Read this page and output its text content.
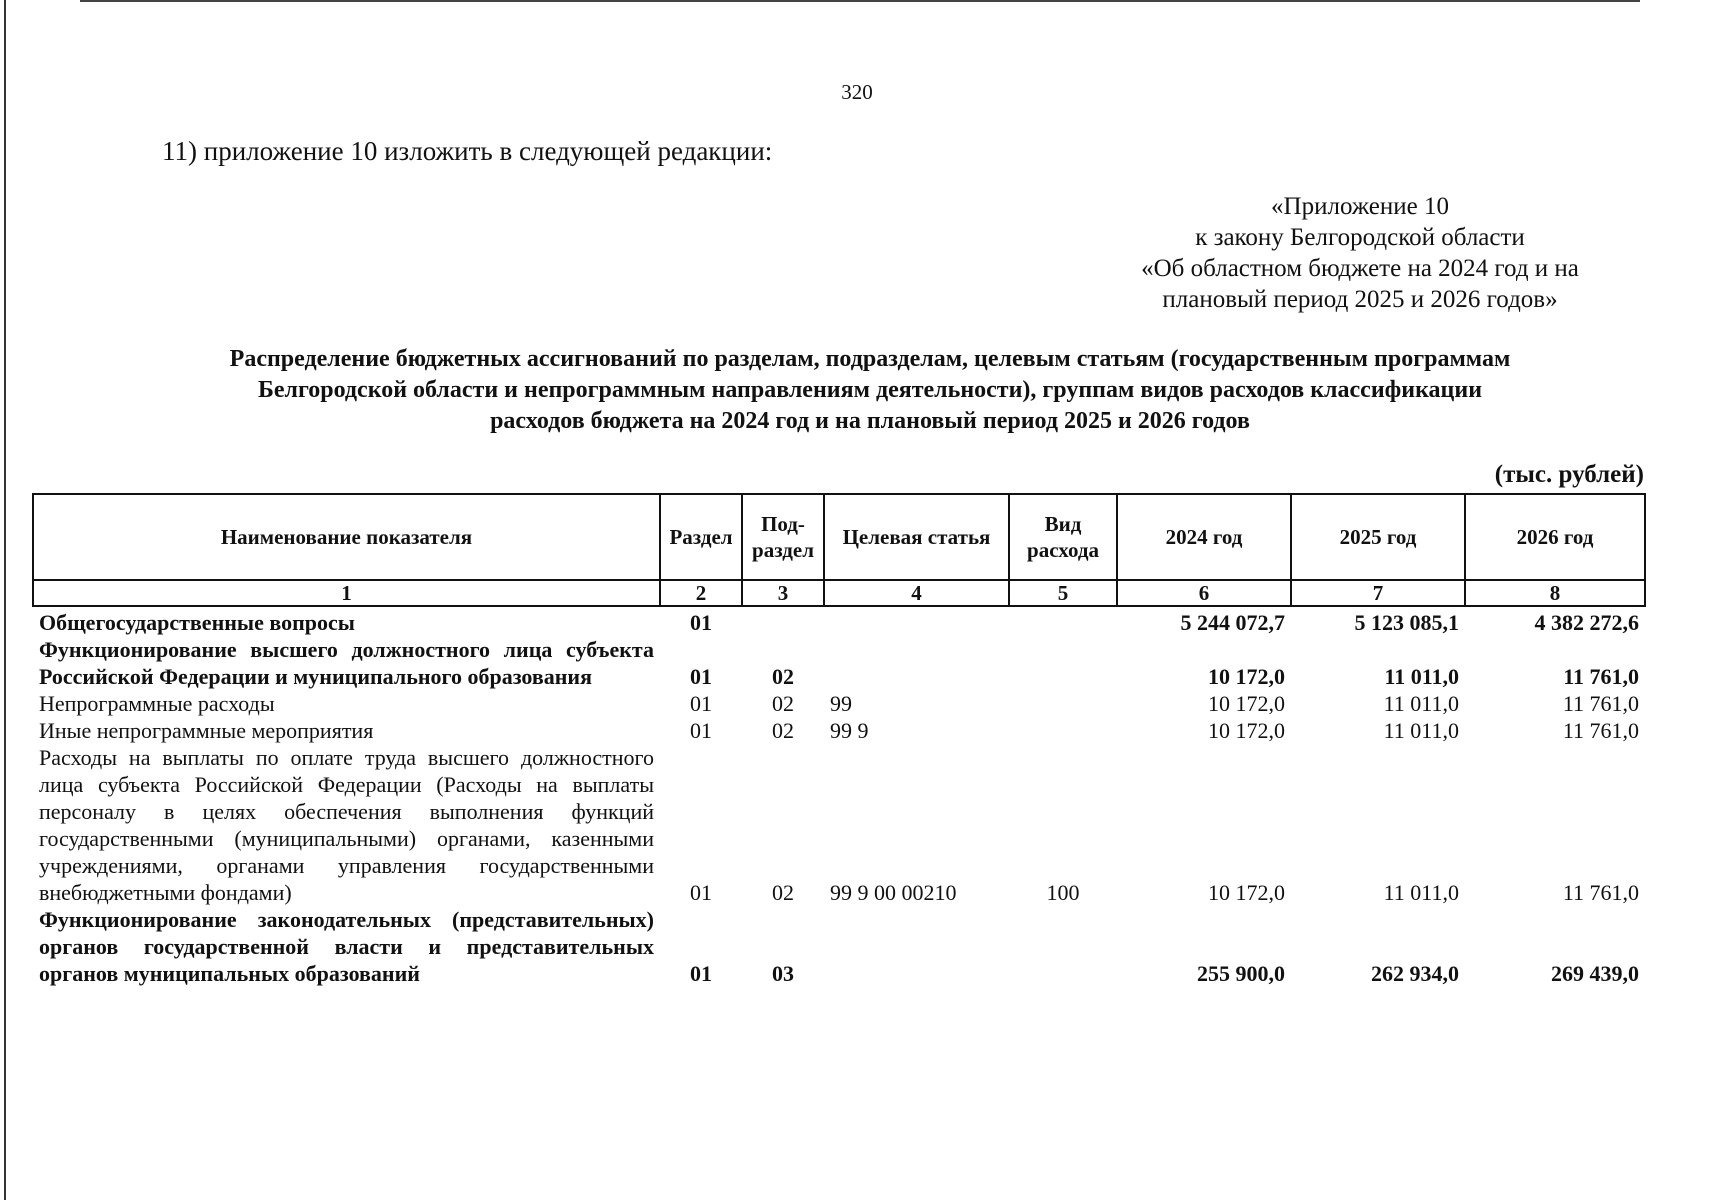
320
11) приложение 10 изложить в следующей редакции:
«Приложение 10
к закону Белгородской области
«Об областном бюджете на 2024 год и на
плановый период 2025 и 2026 годов»
Распределение бюджетных ассигнований по разделам, подразделам, целевым статьям (государственным программам
Белгородской области и непрограммным направлениям деятельности), группам видов расходов классификации
расходов бюджета на 2024 год и на плановый период 2025 и 2026 годов
(тыс. рублей)
Наименование показателя	Раздел	Под-раздел	Целевая статья	Вид расхода	2024 год	2025 год	2026 год
1	2	3	4	5	6	7	8
Общегосударственные вопросы	01				5 244 072,7	5 123 085,1	4 382 272,6
Функционирование высшего должностного лица субъекта Российской Федерации и муниципального образования	01	02			10 172,0	11 011,0	11 761,0
Непрограммные расходы	01	02	99		10 172,0	11 011,0	11 761,0
Иные непрограммные мероприятия	01	02	99 9		10 172,0	11 011,0	11 761,0
Расходы на выплаты по оплате труда высшего должностного лица субъекта Российской Федерации (Расходы на выплаты персоналу в целях обеспечения выполнения функций государственными (муниципальными) органами, казенными учреждениями, органами управления государственными внебюджетными фондами)	01	02	99 9 00 00210	100	10 172,0	11 011,0	11 761,0
Функционирование законодательных (представительных) органов государственной власти и представительных органов муниципальных образований	01	03			255 900,0	262 934,0	269 439,0
